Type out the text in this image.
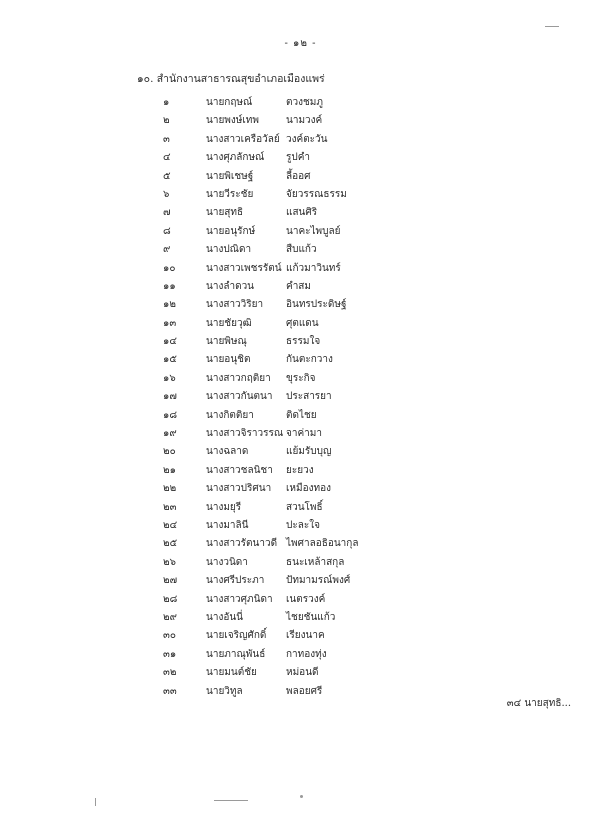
- ๑๒ -
๑๐. สำนักงานสาธารณสุขอำเภอเมืองแพร่
๑	นายกฤษณ์	ตวงชมภู
๒	นายพงษ์เทพ	นามวงค์
๓	นางสาวเครือวัลย์ วงค์ตะวัน
๔	นางศุภลักษณ์ รูปคำ
๕	นายพิเชษฐ์	ลี้ออศ
๖	นายวีระชัย	จัยวรรณธรรม
๗	นายสุทธิ	แสนศิริ
๘	นายอนุรักษ์	นาคะไพบูลย์
๙	นางปณิดา	สืบแก้ว
๑๐	นางสาวเพชรรัตน์ แก้วมาวินทร์
๑๑	นางลำดวน	คำสม
๑๒	นางสาววิริยา อินทรประดิษฐ์
๑๓	นายชัยวุฒิ	ศุตแดน
๑๔	นายพิษณุ	ธรรมใจ
๑๕	นายอนุชิต	กันตะกวาง
๑๖	นางสาวกฤติยา ขุระกิจ
๑๗	นางสาวกันตนา ประสารยา
๑๘	นางกิตติยา	ติดไชย
๑๙	นางสาวจิราวรรณ จาค่ามา
๒๐	นางฉลาด	แย้มรับบุญ
๒๑	นางสาวชลนิชา ยะยวง
๒๒	นางสาวปริศนา เหมืองทอง
๒๓	นางมยุรี	สวนโพธิ์
๒๔	นางมาลินี	ปะละใจ
๒๕	นางสาวรัตนาวดี ไพศาลอธิอนากุล
๒๖	นางวนิดา	ธนะเหล้าสกุล
๒๗	นางศรีประภา ปัทมามรณ์พงศ์
๒๘	นางสาวศุภนิดา เนตรวงค์
๒๙	นางอันนี่	ไชยชันแก้ว
๓๐	นายเจริญศักดิ์ เรียงนาค
๓๑	นายภาณุพันธ์ กาทองทุ่ง
๓๒	นายมนต์ชัย	หม่อนดี
๓๓	นายวิทูล	พลอยศรี
๓๔ นายสุทธิ...
